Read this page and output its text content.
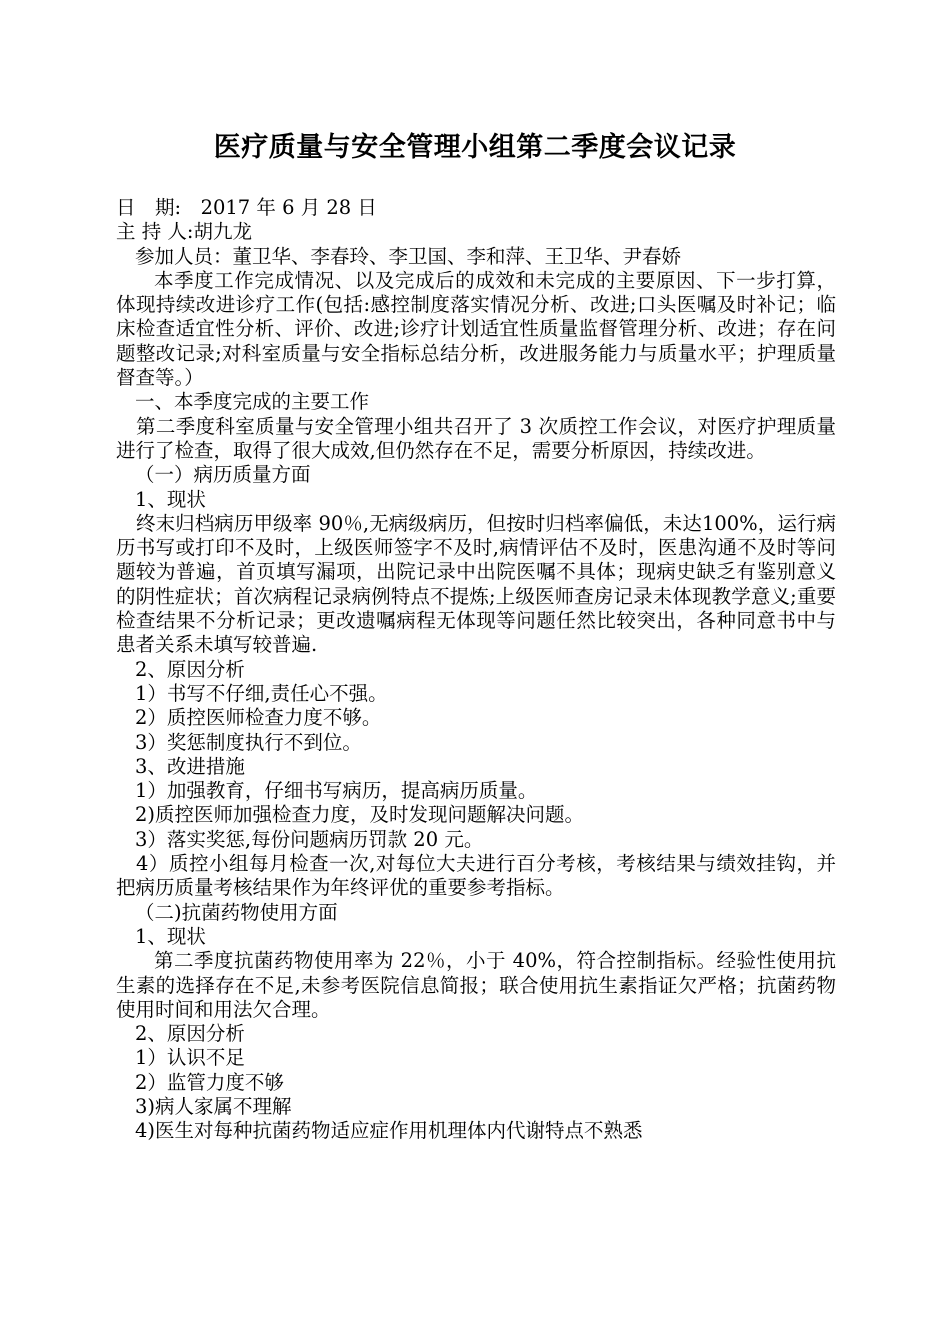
医疗质量与安全管理小组第二季度会议记录

日　期:　2017 年 6 月 28 日

主 持 人:胡九龙

参加人员：董卫华、李春玲、李卫国、李和萍、王卫华、尹春娇

本季度工作完成情况、以及完成后的成效和未完成的主要原因、下一步打算，体现持续改进诊疗工作(包括:感控制度落实情况分析、改进;口头医嘱及时补记；临床检查适宜性分析、评价、改进;诊疗计划适宜性质量监督管理分析、改进；存在问题整改记录;对科室质量与安全指标总结分析，改进服务能力与质量水平；护理质量督查等。）

一、本季度完成的主要工作

第二季度科室质量与安全管理小组共召开了 3 次质控工作会议，对医疗护理质量进行了检查，取得了很大成效,但仍然存在不足，需要分析原因，持续改进。

（一）病历质量方面

1、现状

终末归档病历甲级率 90％,无病级病历，但按时归档率偏低，未达100%，运行病历书写或打印不及时，上级医师签字不及时,病情评估不及时，医患沟通不及时等问题较为普遍，首页填写漏项，出院记录中出院医嘱不具体；现病史缺乏有鉴别意义的阴性症状；首次病程记录病例特点不提炼;上级医师查房记录未体现教学意义;重要检查结果不分析记录；更改遗嘱病程无体现等问题任然比较突出，各种同意书中与患者关系未填写较普遍.

2、原因分析

1）书写不仔细,责任心不强。

2）质控医师检查力度不够。

3）奖惩制度执行不到位。

3、改进措施

1）加强教育，仔细书写病历，提高病历质量。

2)质控医师加强检查力度，及时发现问题解决问题。

3）落实奖惩,每份问题病历罚款 20 元。

4）质控小组每月检查一次,对每位大夫进行百分考核，考核结果与绩效挂钩，并把病历质量考核结果作为年终评优的重要参考指标。

（二)抗菌药物使用方面

1、现状

第二季度抗菌药物使用率为 22％，小于 40%，符合控制指标。经验性使用抗生素的选择存在不足,未参考医院信息简报；联合使用抗生素指证欠严格；抗菌药物使用时间和用法欠合理。

2、原因分析

1）认识不足

2）监管力度不够

3)病人家属不理解

4)医生对每种抗菌药物适应症作用机理体内代谢特点不熟悉
